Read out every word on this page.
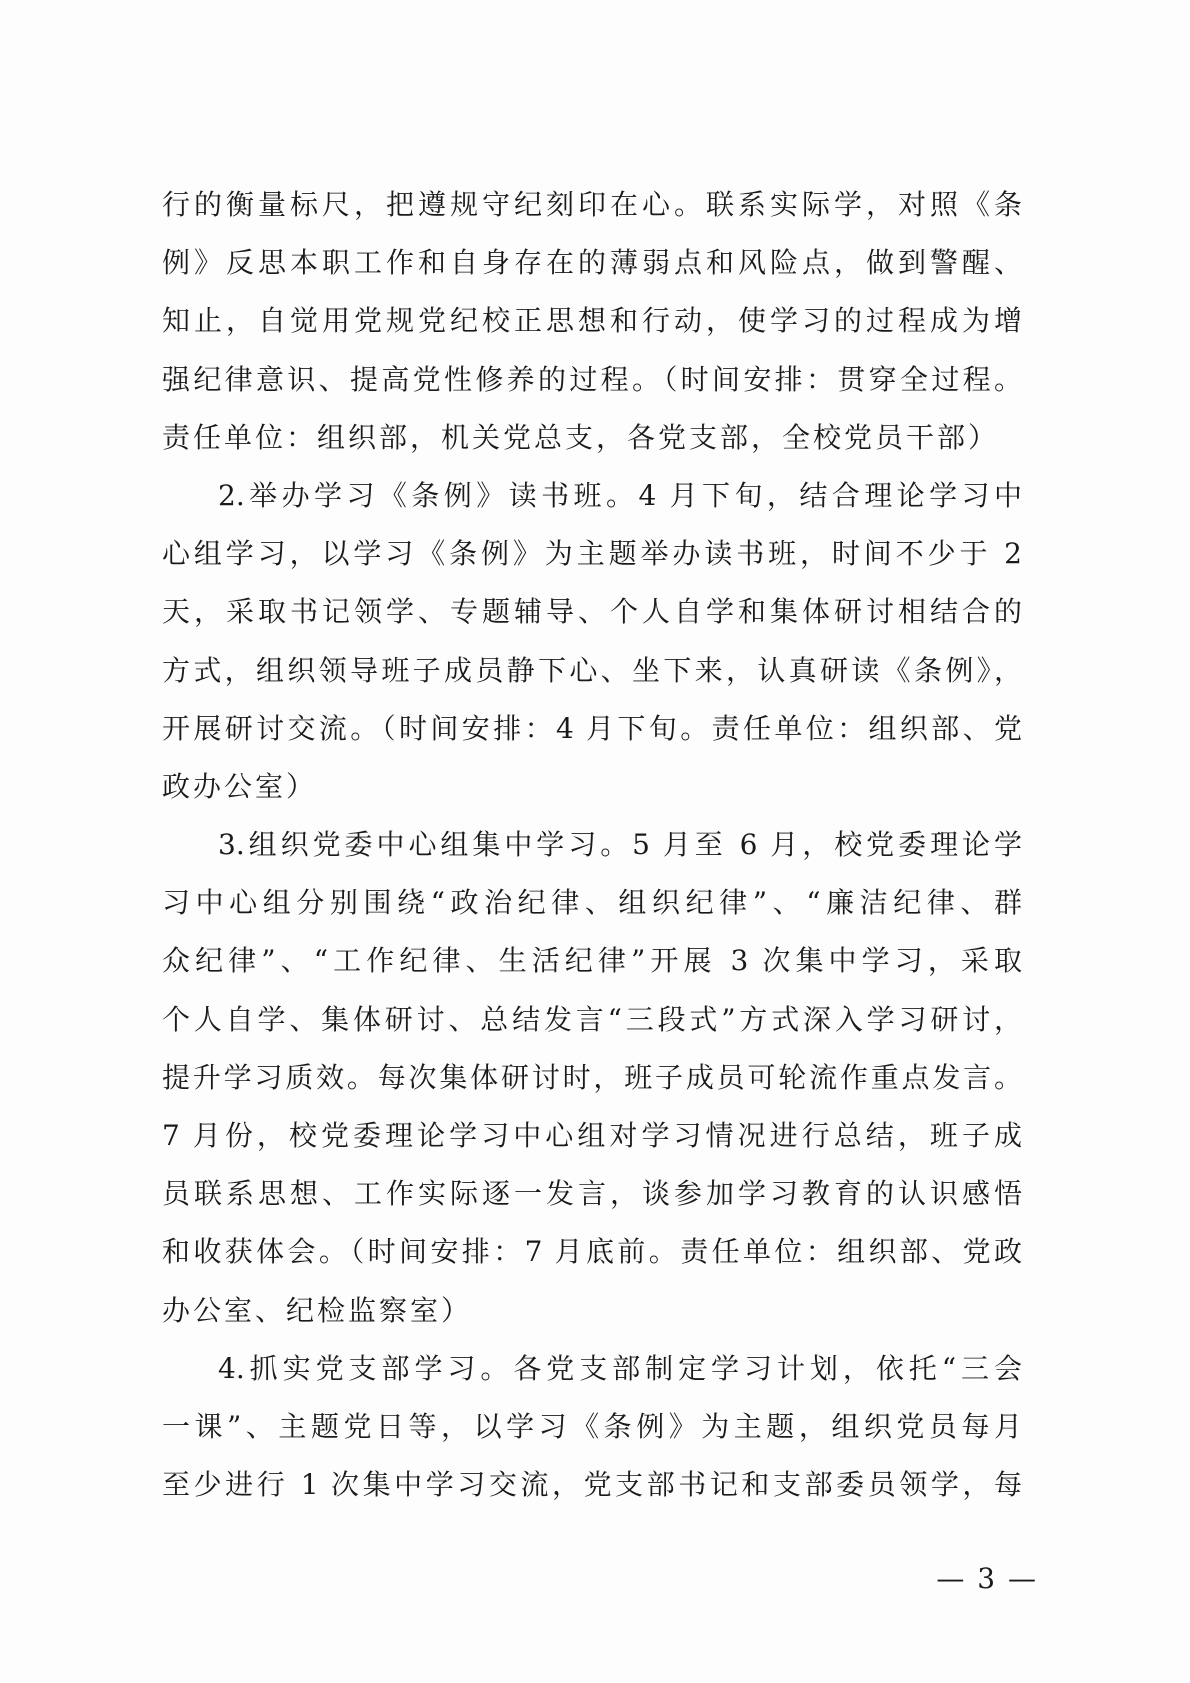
行的衡量标尺，把遵规守纪刻印在心。联系实际学，对照《条
例》反思本职工作和自身存在的薄弱点和风险点，做到警醒、
知止，自觉用党规党纪校正思想和行动，使学习的过程成为增
强纪律意识、提高党性修养的过程。（时间安排：贯穿全过程。
责任单位：组织部，机关党总支，各党支部，全校党员干部）
2.举办学习《条例》读书班。4 月下旬，结合理论学习中
心组学习，以学习《条例》为主题举办读书班，时间不少于 2
天，采取书记领学、专题辅导、个人自学和集体研讨相结合的
方式，组织领导班子成员静下心、坐下来，认真研读《条例》，
开展研讨交流。（时间安排：4 月下旬。责任单位：组织部、党
政办公室）
3.组织党委中心组集中学习。5 月至 6 月，校党委理论学
习中心组分别围绕“政治纪律、组织纪律”、“廉洁纪律、群
众纪律”、“工作纪律、生活纪律”开展 3 次集中学习，采取
个人自学、集体研讨、总结发言“三段式”方式深入学习研讨，
提升学习质效。每次集体研讨时，班子成员可轮流作重点发言。
7 月份，校党委理论学习中心组对学习情况进行总结，班子成
员联系思想、工作实际逐一发言，谈参加学习教育的认识感悟
和收获体会。（时间安排：7 月底前。责任单位：组织部、党政
办公室、纪检监察室）
4.抓实党支部学习。各党支部制定学习计划，依托“三会
一课”、主题党日等，以学习《条例》为主题，组织党员每月
至少进行 1 次集中学习交流，党支部书记和支部委员领学，每
— 3 —
